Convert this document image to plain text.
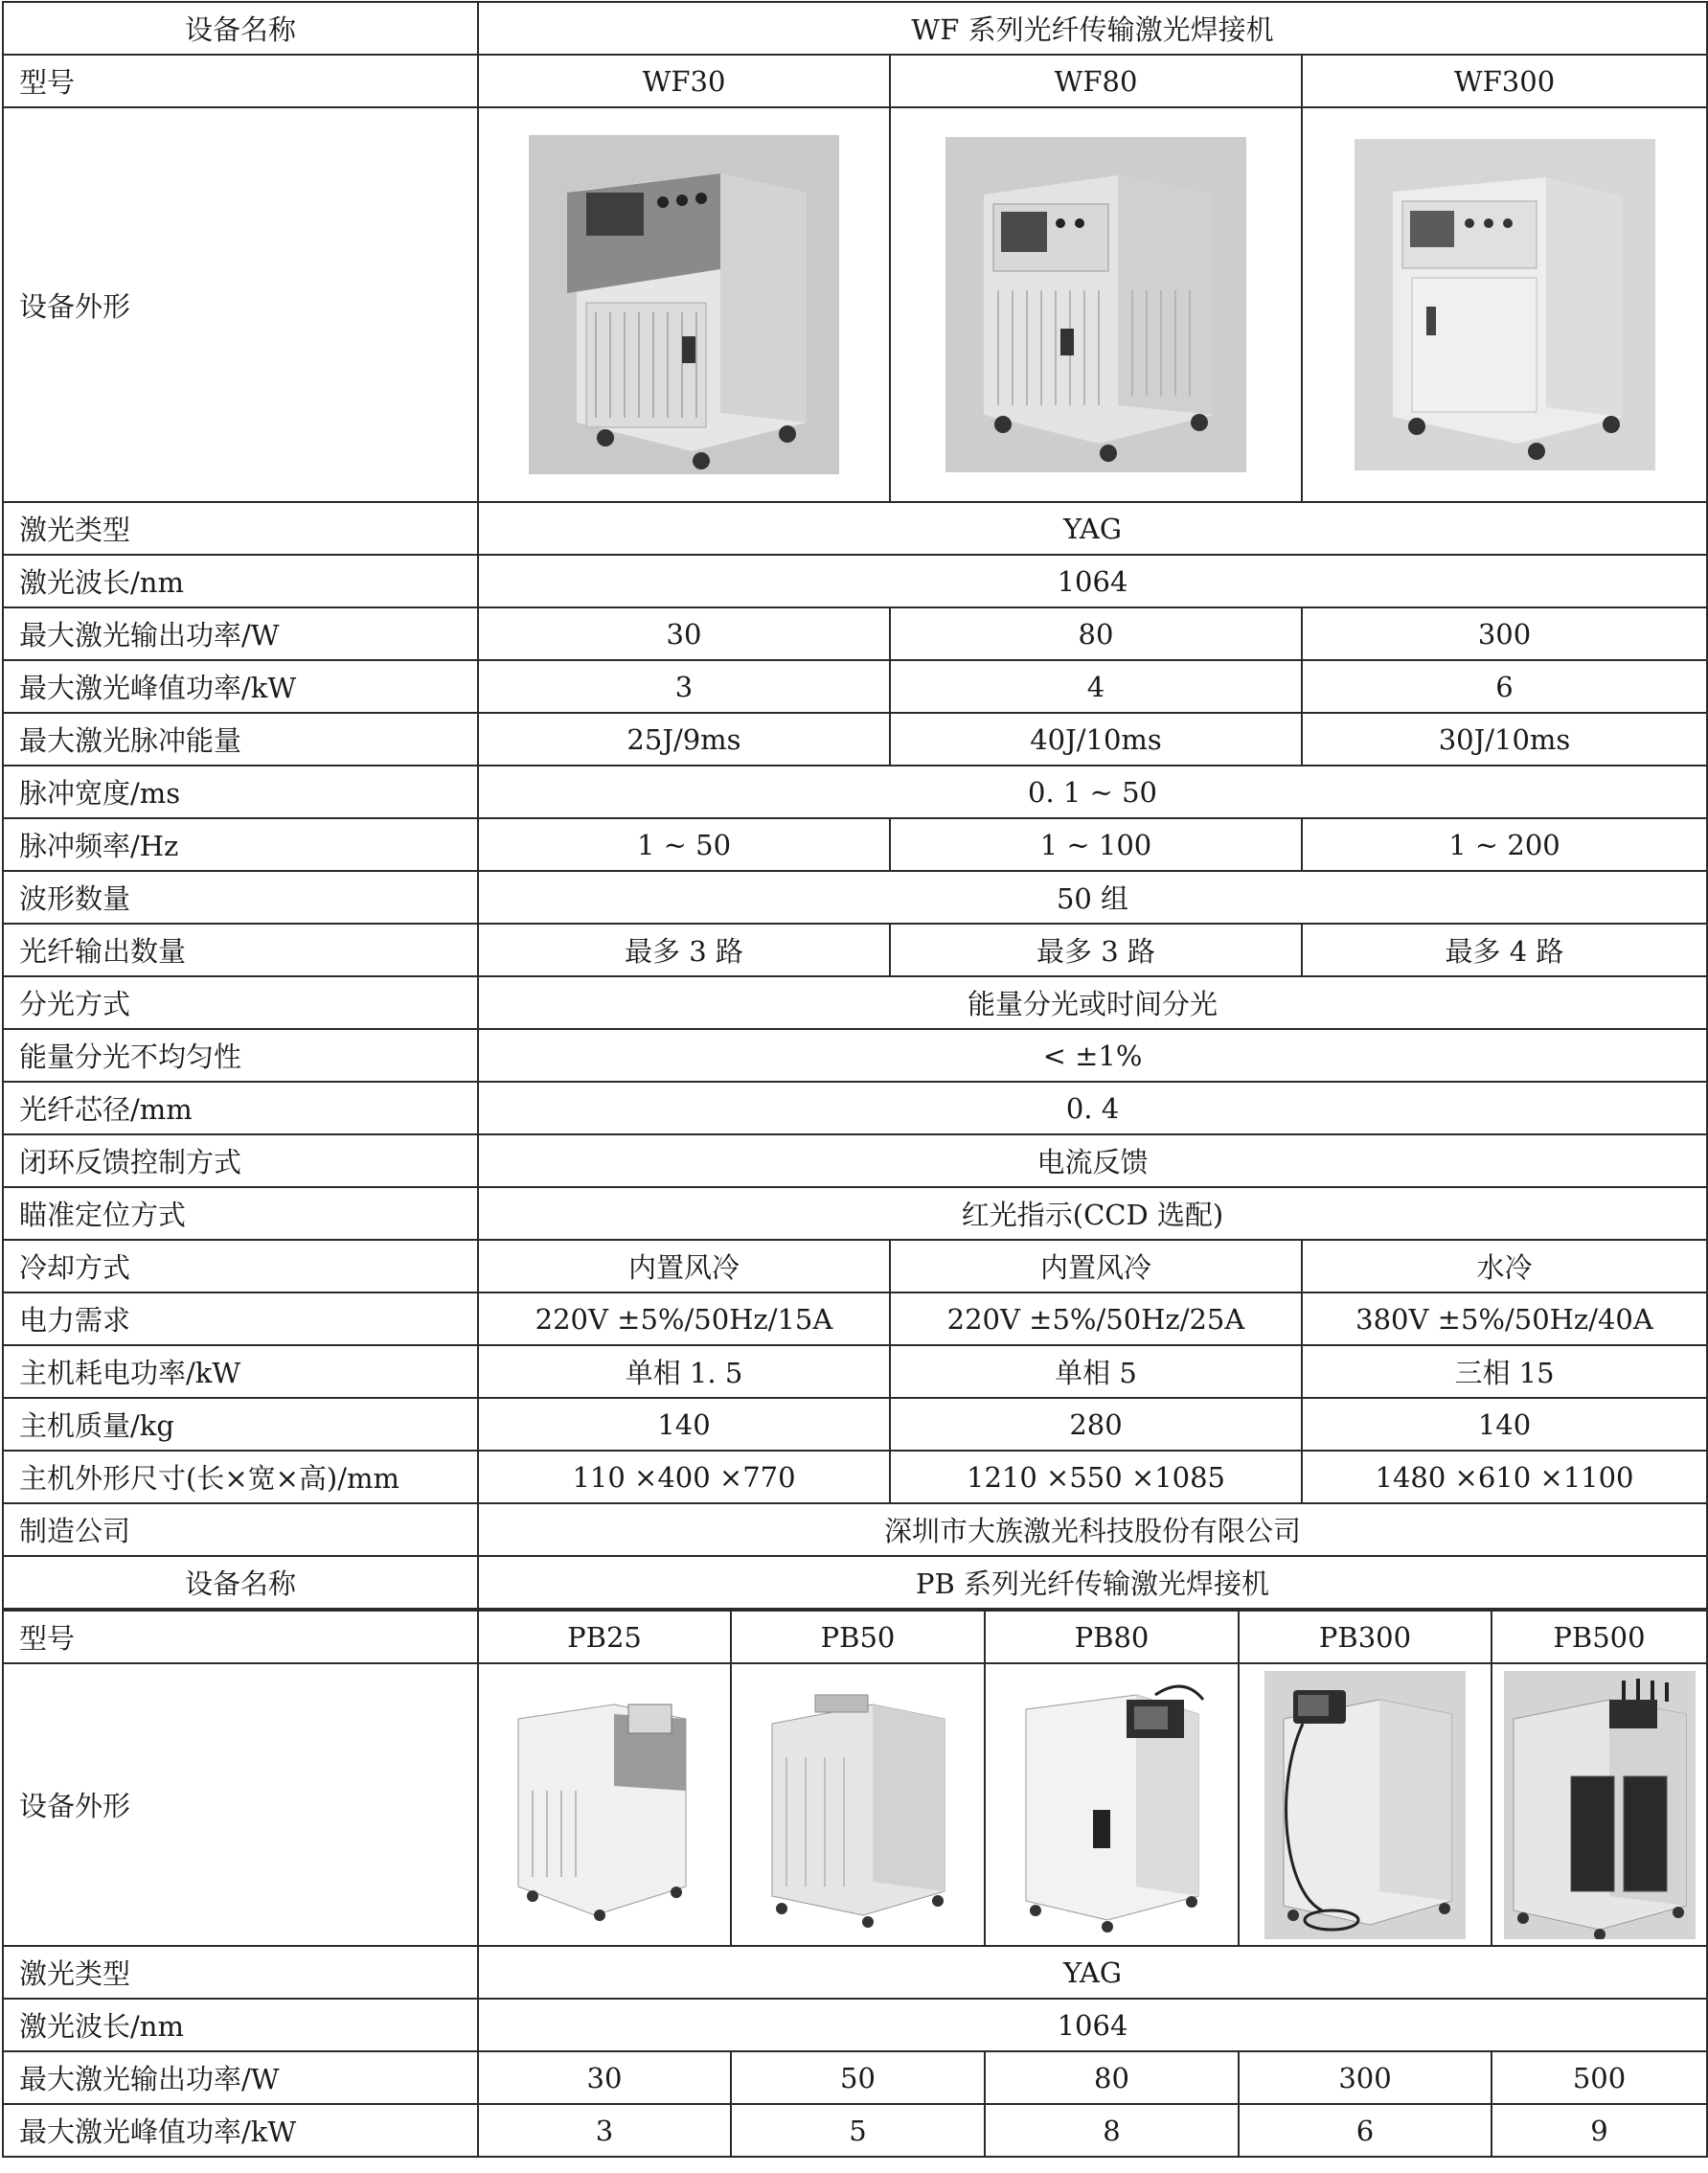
设备名称	WF 系列光纤传输激光焊接机		
型号	WF30	WF80	WF300
设备外形	

激光类型	YAG		
激光波长/nm	1064		
最大激光输出功率/W	30	80	300
最大激光峰值功率/kW	3	4	6
最大激光脉冲能量	25J/9ms	40J/10ms	30J/10ms
脉冲宽度/ms	0. 1 ~ 50		
脉冲频率/Hz	1 ~ 50	1 ~ 100	1 ~ 200
波形数量	50 组		
光纤输出数量	最多 3 路	最多 3 路	最多 4 路
分光方式	能量分光或时间分光		
能量分光不均匀性	< ±1%		
光纤芯径/mm	0. 4		
闭环反馈控制方式	电流反馈		
瞄准定位方式	红光指示(CCD 选配)		
冷却方式	内置风冷	内置风冷	水冷
电力需求	220V ±5%/50Hz/15A	220V ±5%/50Hz/25A	380V ±5%/50Hz/40A
主机耗电功率/kW	单相 1. 5	单相 5	三相 15
主机质量/kg	140	280	140
主机外形尺寸(长×宽×高)/mm	110 ×400 ×770	1210 ×550 ×1085	1480 ×610 ×1100
制造公司	深圳市大族激光科技股份有限公司		
设备名称	PB 系列光纤传输激光焊接机		
型号	PB25	PB50	PB80	PB300	PB500
设备外形	

激光类型	YAG				
激光波长/nm	1064				
最大激光输出功率/W	30	50	80	300	500
最大激光峰值功率/kW	3	5	8	6	9
